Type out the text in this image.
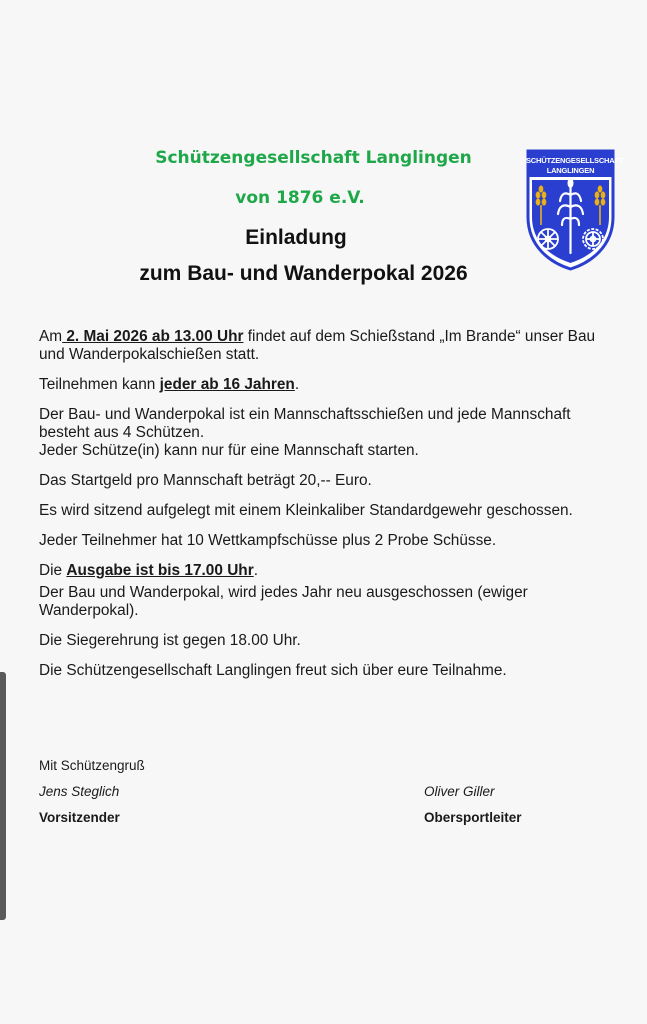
Schützengesellschaft Langlingen
von 1876 e.V.
Einladung
zum Bau- und Wanderpokal 2026
SCHÜTZENGESELLSCHAFT
LANGLINGEN

Am 2. Mai 2026 ab 13.00 Uhr findet auf dem Schießstand „Im Brande“ unser Bau und Wanderpokalschießen statt.

Teilnehmen kann jeder ab 16 Jahren.

Der Bau- und Wanderpokal ist ein Mannschaftsschießen und jede Mannschaft besteht aus 4 Schützen.
Jeder Schütze(in) kann nur für eine Mannschaft starten.

Das Startgeld pro Mannschaft beträgt 20,-- Euro.

Es wird sitzend aufgelegt mit einem Kleinkaliber Standardgewehr geschossen.

Jeder Teilnehmer hat 10 Wettkampfschüsse plus 2 Probe Schüsse.

Die Ausgabe ist bis 17.00 Uhr.

Der Bau und Wanderpokal, wird jedes Jahr neu ausgeschossen (ewiger Wanderpokal).

Die Siegerehrung ist gegen 18.00 Uhr.

Die Schützengesellschaft Langlingen freut sich über eure Teilnahme.

Mit Schützengruß

Jens Steglich

Vorsitzender

Oliver Giller

Obersportleiter
